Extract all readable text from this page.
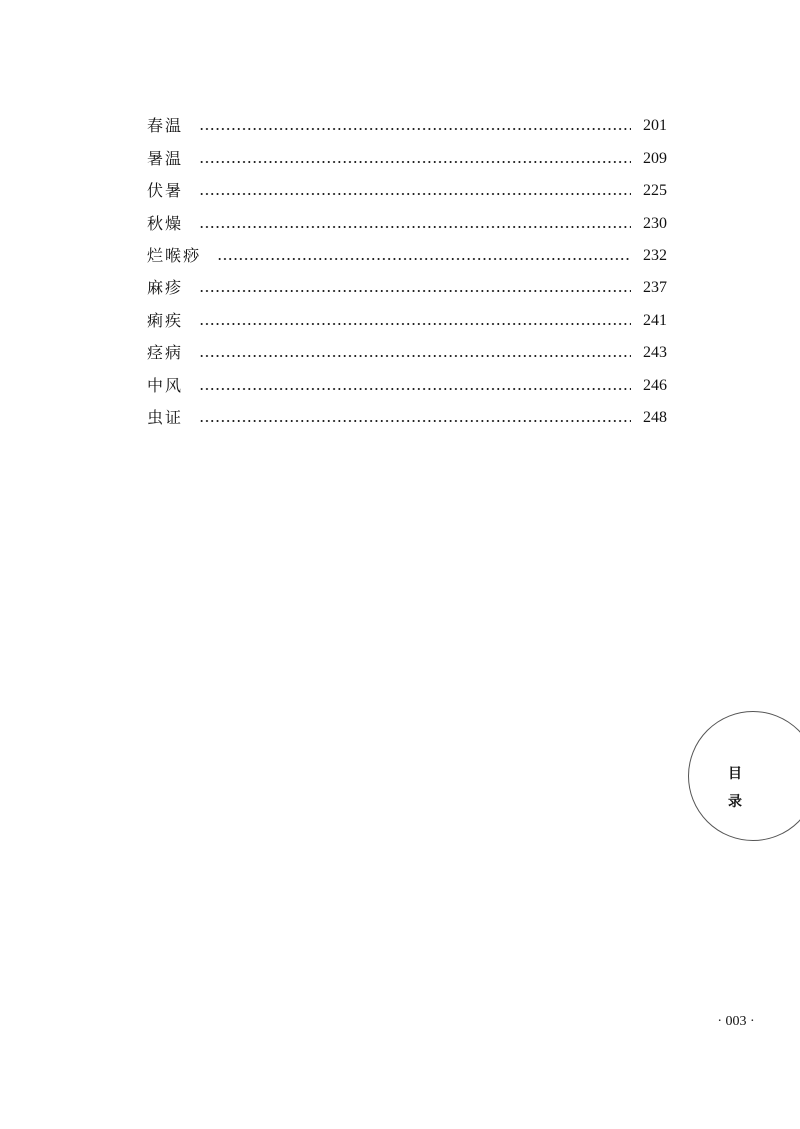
春温	201
暑温	209
伏暑	225
秋燥	230
烂喉痧	232
麻疹	237
痢疾	241
痉病	243
中风	246
虫证	248
目
录
· 003 ·
